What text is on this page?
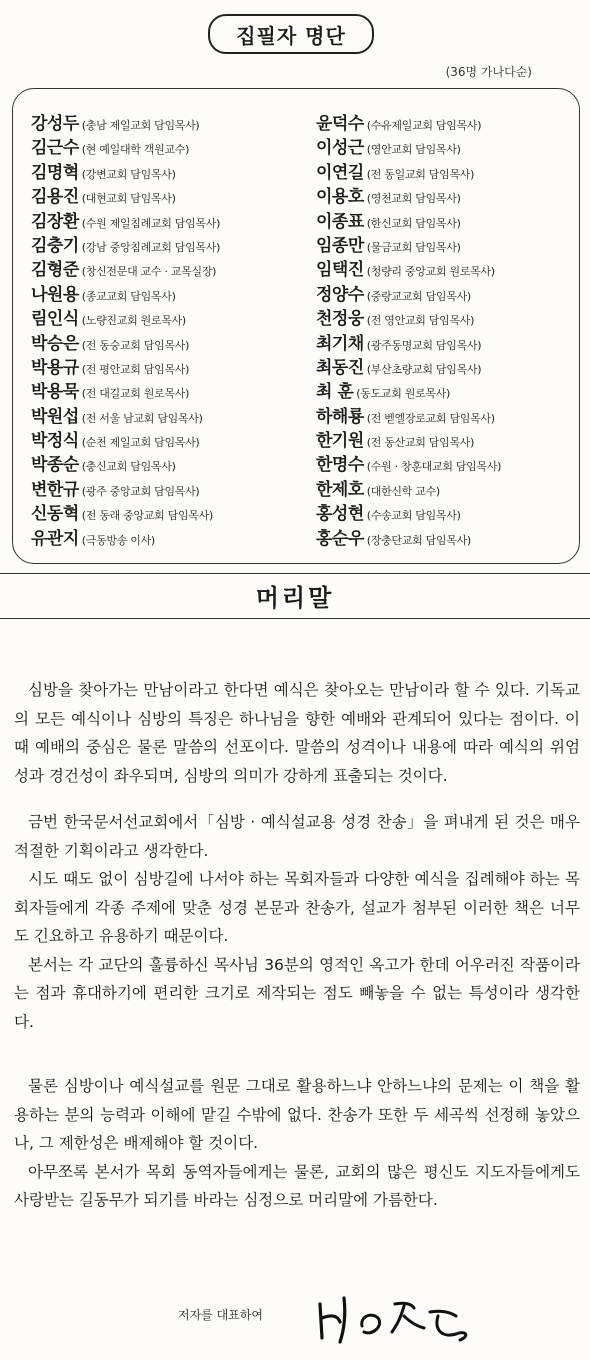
집필자 명단
(36명 가나다순)
강성두 (충남 제일교회 담임목사)
김근수 (현 예일대학 객원교수)
김명혁 (강변교회 담임목사)
김용진 (대현교회 담임목사)
김장환 (수원 제일침례교회 담임목사)
김충기 (강남 중앙침례교회 담임목사)
김형준 (창신전문대 교수 · 교목실장)
나원용 (종교교회 담임목사)
림인식 (노량진교회 원로목사)
박승은 (전 동숭교회 담임목사)
박용규 (전 평안교회 담임목사)
박용묵 (전 대길교회 원로목사)
박원섭 (전 서울 남교회 담임목사)
박정식 (순천 제일교회 담임목사)
박종순 (충신교회 담임목사)
변한규 (광주 중앙교회 담임목사)
신동혁 (전 동래 중앙교회 담임목사)
유관지 (극동방송 이사)
윤덕수 (수유제일교회 담임목사)
이성근 (영안교회 담임목사)
이연길 (전 동일교회 담임목사)
이용호 (영천교회 담임목사)
이종표 (한신교회 담임목사)
임종만 (물금교회 담임목사)
임택진 (청량리 중앙교회 원로목사)
정양수 (중랑교교회 담임목사)
천정웅 (전 영안교회 담임목사)
최기채 (광주동명교회 담임목사)
최동진 (부산초량교회 담임목사)
최 훈 (동도교회 원로목사)
하해룡 (전 벧엘장로교회 담임목사)
한기원 (전 동산교회 담임목사)
한명수 (수원 · 창훈대교회 담임목사)
한제호 (대한신학 교수)
홍성현 (수송교회 담임목사)
홍순우 (장충단교회 담임목사)
머리말

심방을 찾아가는 만남이라고 한다면 예식은 찾아오는 만남이라 할 수 있다. 기독교의 모든 예식이나 심방의 특징은 하나님을 향한 예배와 관계되어 있다는 점이다. 이때 예배의 중심은 물론 말씀의 선포이다. 말씀의 성격이나 내용에 따라 예식의 위엄성과 경건성이 좌우되며, 심방의 의미가 강하게 표출되는 것이다.

금번 한국문서선교회에서「심방 · 예식설교용 성경 찬송」을 펴내게 된 것은 매우 적절한 기획이라고 생각한다.

시도 때도 없이 심방길에 나서야 하는 목회자들과 다양한 예식을 집례해야 하는 목회자들에게 각종 주제에 맞춘 성경 본문과 찬송가, 설교가 첨부된 이러한 책은 너무도 긴요하고 유용하기 때문이다.

본서는 각 교단의 훌륭하신 목사님 36분의 영적인 옥고가 한데 어우러진 작품이라는 점과 휴대하기에 편리한 크기로 제작되는 점도 빼놓을 수 없는 특성이라 생각한다.

물론 심방이나 예식설교를 원문 그대로 활용하느냐 안하느냐의 문제는 이 책을 활용하는 분의 능력과 이해에 맡길 수밖에 없다. 찬송가 또한 두 세곡씩 선정해 놓았으나, 그 제한성은 배제해야 할 것이다.

아무쪼록 본서가 목회 동역자들에게는 물론, 교회의 많은 평신도 지도자들에게도 사랑받는 길동무가 되기를 바라는 심정으로 머리말에 가름한다.

저자를 대표하여
